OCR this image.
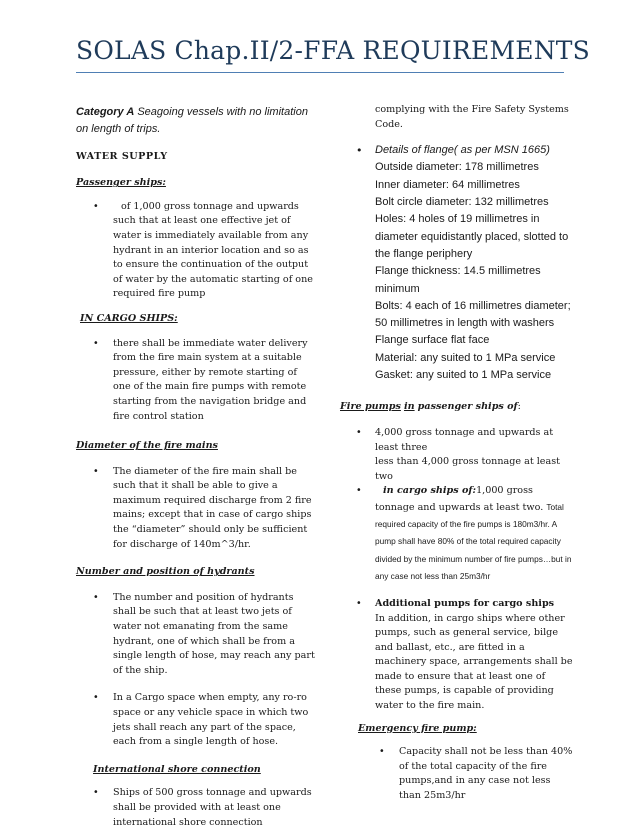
SOLAS Chap.II/2-FFA REQUIREMENTS

Category A Seagoing vessels with no limitation on length of trips.

WATER SUPPLY

Passenger ships:

• of 1,000 gross tonnage and upwards such that at least one effective jet of water is immediately available from any hydrant in an interior location and so as to ensure the continuation of the output of water by the automatic starting of one required fire pump

IN CARGO SHIPS:

• there shall be immediate water delivery from the fire main system at a suitable pressure, either by remote starting of one of the main fire pumps with remote starting from the navigation bridge and fire control station

Diameter of the fire mains

• The diameter of the fire main shall be such that it shall be able to give a maximum required discharge from 2 fire mains; except that in case of cargo ships the “diameter” should only be sufficient for discharge of 140m^3/hr.

Number and position of hydrants

• The number and position of hydrants shall be such that at least two jets of water not emanating from the same hydrant, one of which shall be from a single length of hose, may reach any part of the ship.
• In a Cargo space when empty, any ro-ro space or any vehicle space in which two jets shall reach any part of the space, each from a single length of hose.

International shore connection

• Ships of 500 gross tonnage and upwards shall be provided with at least one international shore connection

complying with the Fire Safety Systems Code.

• Details of flange( as per MSN 1665)
Outside diameter: 178 millimetres
Inner diameter: 64 millimetres
Bolt circle diameter: 132 millimetres
Holes: 4 holes of 19 millimetres in diameter equidistantly placed, slotted to the flange periphery
Flange thickness: 14.5 millimetres minimum
Bolts: 4 each of 16 millimetres diameter; 50 millimetres in length with washers
Flange surface flat face
Material: any suited to 1 MPa service
Gasket: any suited to 1 MPa service

Fire pumps in passenger ships of:

• 4,000 gross tonnage and upwards at least three
less than 4,000 gross tonnage at least two
• in cargo ships of:1,000 gross tonnage and upwards at least two. Total required capacity of the fire pumps is 180m3/hr. A pump shall have 80% of the total required capacity divided by the minimum number of fire pumps…but in any case not less than 25m3/hr
• Additional pumps for cargo ships
In addition, in cargo ships where other pumps, such as general service, bilge and ballast, etc., are fitted in a machinery space, arrangements shall be made to ensure that at least one of these pumps, is capable of providing water to the fire main.

Emergency fire pump:

• Capacity shall not be less than 40% of the total capacity of the fire pumps,and in any case not less than 25m3/hr
